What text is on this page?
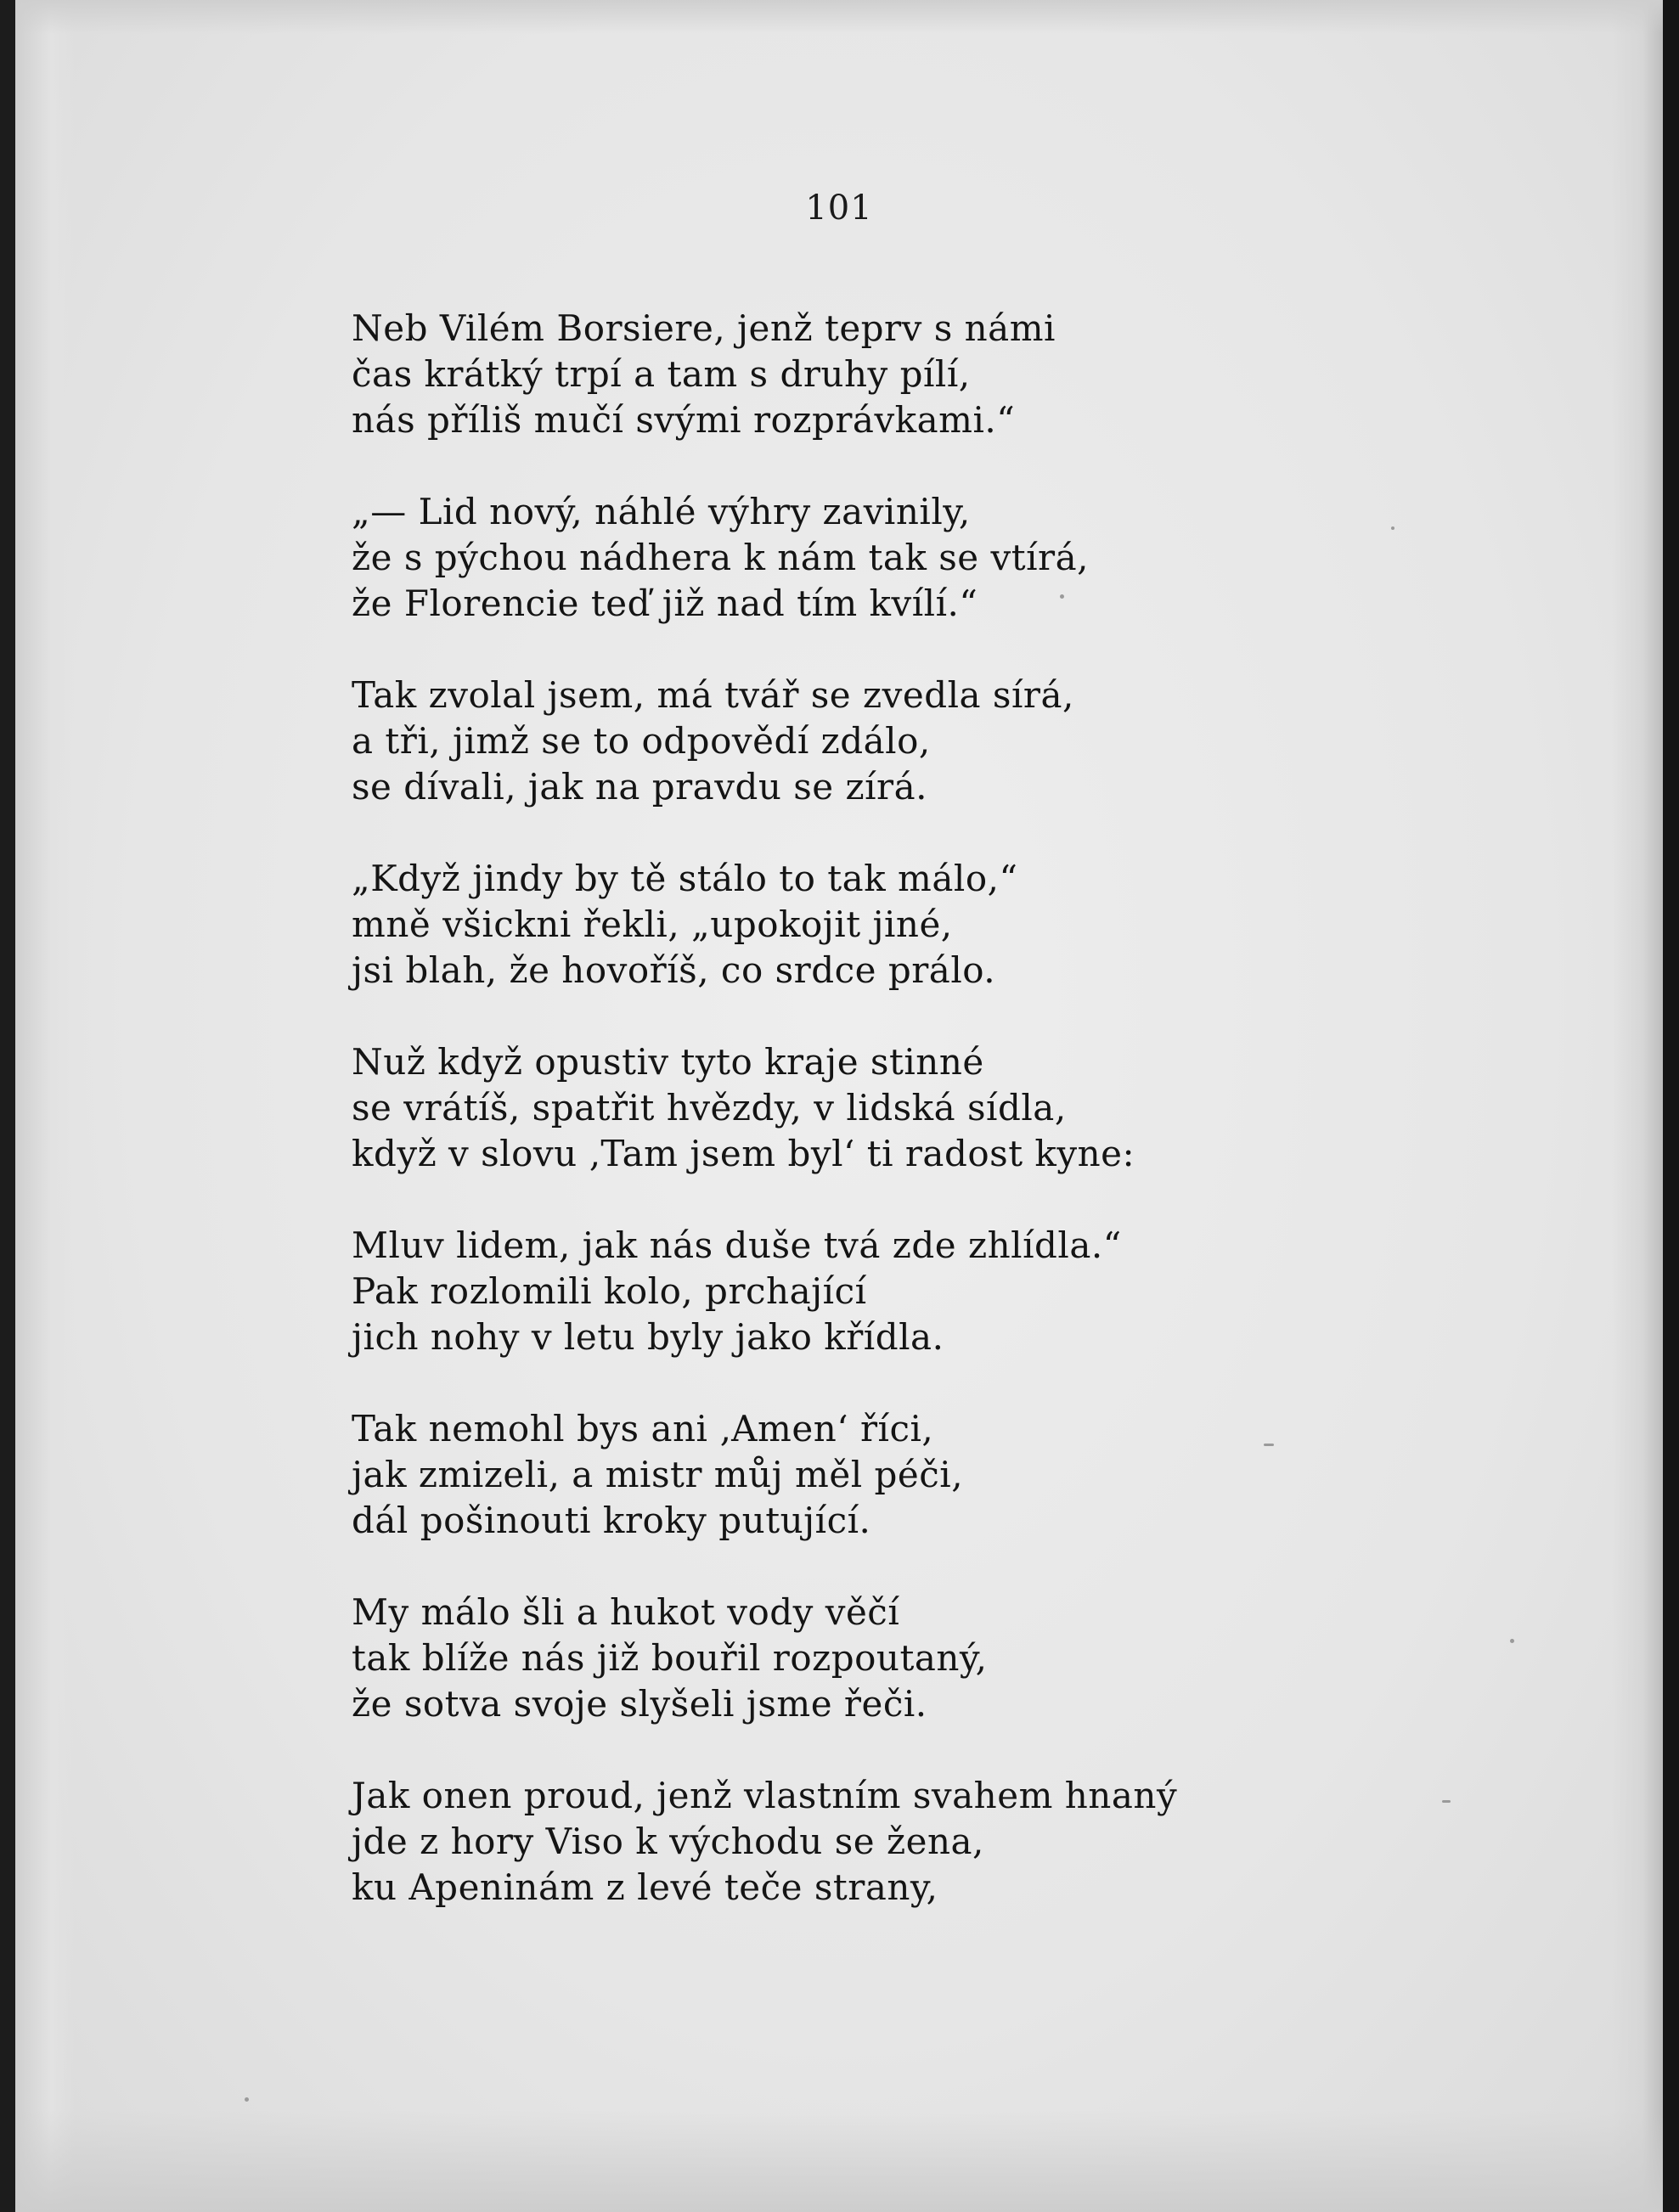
101
Neb Vilém Borsiere, jenž teprv s námi
čas krátký trpí a tam s druhy pílí,
nás příliš mučí svými rozprávkami.“
„— Lid nový, náhlé výhry zavinily,
že s pýchou nádhera k nám tak se vtírá,
že Florencie teď již nad tím kvílí.“
Tak zvolal jsem, má tvář se zvedla sírá,
a tři, jimž se to odpovědí zdálo,
se dívali, jak na pravdu se zírá.
„Když jindy by tě stálo to tak málo,“
mně všickni řekli, „upokojit jiné,
jsi blah, že hovoříš, co srdce prálo.
Nuž když opustiv tyto kraje stinné
se vrátíš, spatřit hvězdy, v lidská sídla,
když v slovu ‚Tam jsem byl‘ ti radost kyne:
Mluv lidem, jak nás duše tvá zde zhlídla.“
Pak rozlomili kolo, prchající
jich nohy v letu byly jako křídla.
Tak nemohl bys ani ‚Amen‘ říci,
jak zmizeli, a mistr můj měl péči,
dál pošinouti kroky putující.
My málo šli a hukot vody věčí
tak blíže nás již bouřil rozpoutaný,
že sotva svoje slyšeli jsme řeči.
Jak onen proud, jenž vlastním svahem hnaný
jde z hory Viso k východu se žena,
ku Apeninám z levé teče strany,
